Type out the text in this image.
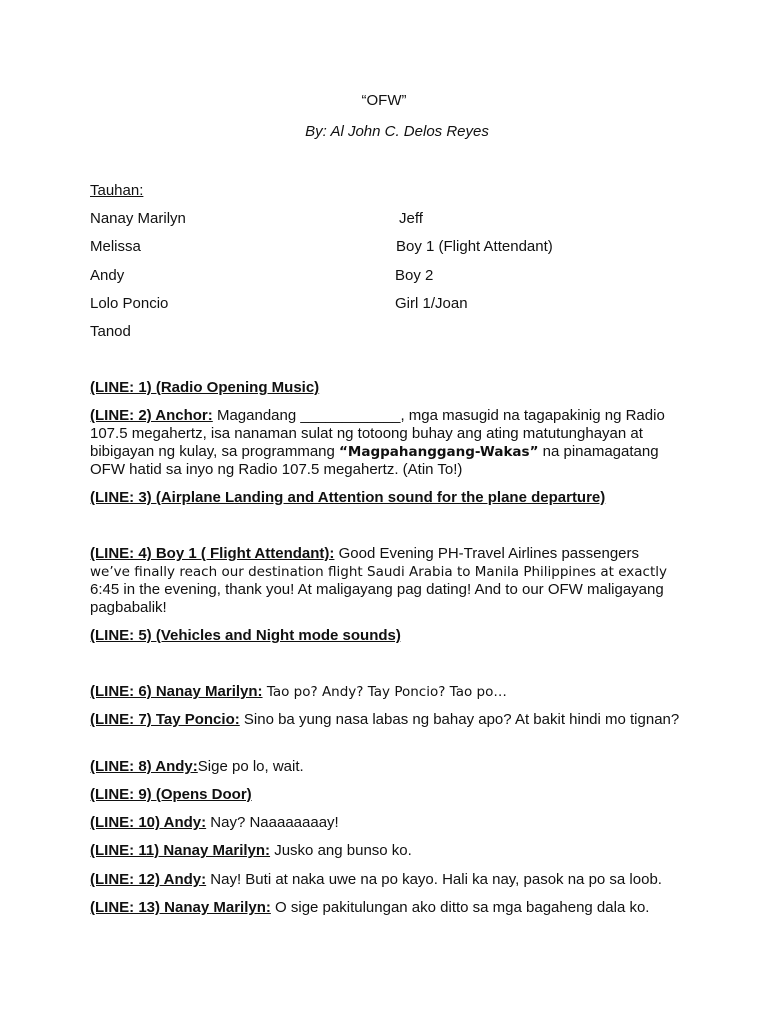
“OFW”
By: Al John C. Delos Reyes
Tauhan:
Nanay Marilyn
Melissa
Andy
Lolo Poncio
Tanod
Jeff
Boy 1 (Flight Attendant)
Boy 2
Girl 1/Joan
(LINE: 1) (Radio Opening Music)
(LINE: 2) Anchor: Magandang ____________, mga masugid na tagapakinig ng Radio 107.5 megahertz, isa nanaman sulat ng totoong buhay ang ating matutunghayan at bibigayan ng kulay, sa programmang “Magpahanggang-Wakas” na pinamagatang OFW hatid sa inyo ng Radio 107.5 megahertz. (Atin To!)
(LINE: 3) (Airplane Landing and Attention sound for the plane departure)
(LINE: 4) Boy 1 ( Flight Attendant): Good Evening PH-Travel Airlines passengers
we’ve finally reach our destination flight Saudi Arabia to Manila Philippines at exactly
6:45 in the evening, thank you! At maligayang pag dating! And to our OFW maligayang pagbabalik!
(LINE: 5) (Vehicles and Night mode sounds)
(LINE: 6) Nanay Marilyn: Tao po? Andy? Tay Poncio? Tao po…
(LINE: 7) Tay Poncio: Sino ba yung nasa labas ng bahay apo? At bakit hindi mo tignan?
(LINE: 8) Andy:Sige po lo, wait.
(LINE: 9) (Opens Door)
(LINE: 10) Andy: Nay? Naaaaaaaay!
(LINE: 11) Nanay Marilyn: Jusko ang bunso ko.
(LINE: 12) Andy: Nay! Buti at naka uwe na po kayo. Hali ka nay, pasok na po sa loob.
(LINE: 13) Nanay Marilyn: O sige pakitulungan ako ditto sa mga bagaheng dala ko.
